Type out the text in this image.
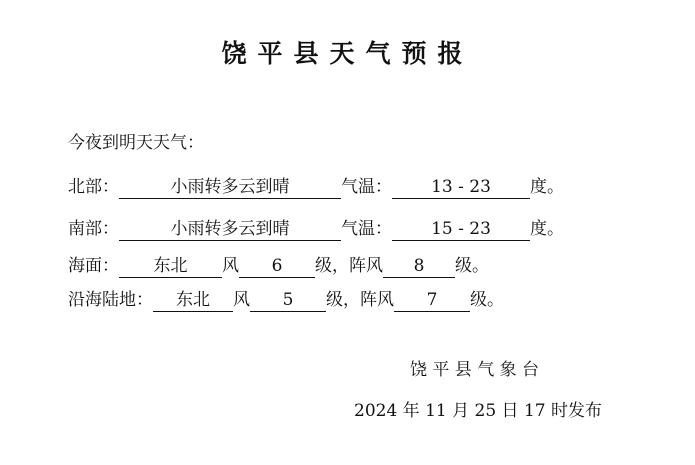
饶平县天气预报
今夜到明天天气：
北部：	小雨转多云到晴	气温： 13 - 23 度。
南部：	小雨转多云到晴	气温： 15 - 23 度。
海面： 东北 风 6 级，阵风 8 级。
沿海陆地： 东北 风 5 级，阵风 7 级。
饶 平 县 气 象 台
2024 年 11 月 25 日 17 时发布
